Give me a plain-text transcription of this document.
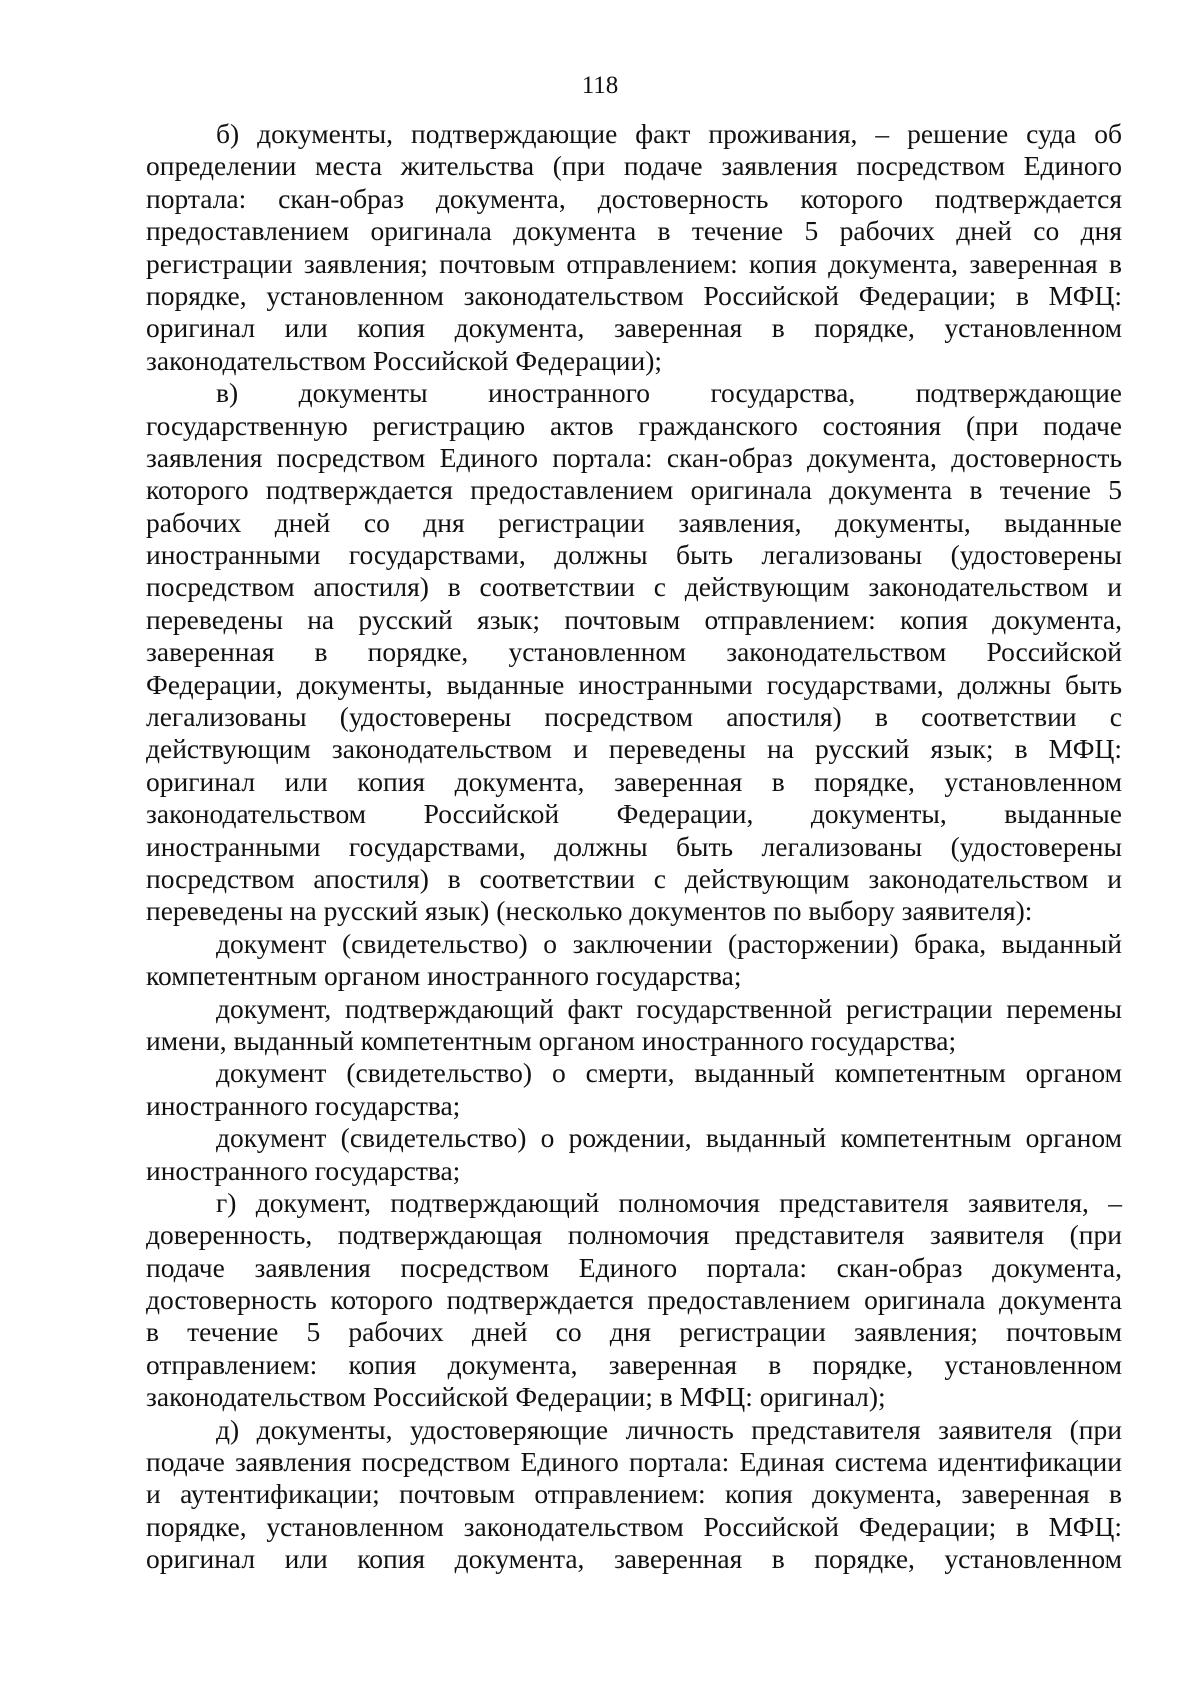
118
б) документы, подтверждающие факт проживания, – решение суда об
определении места жительства (при подаче заявления посредством Единого
портала: скан-образ документа, достоверность которого подтверждается
предоставлением оригинала документа в течение 5 рабочих дней со дня
регистрации заявления; почтовым отправлением: копия документа, заверенная в
порядке, установленном законодательством Российской Федерации; в МФЦ:
оригинал или копия документа, заверенная в порядке, установленном
законодательством Российской Федерации);
в) документы иностранного государства, подтверждающие
государственную регистрацию актов гражданского состояния (при подаче
заявления посредством Единого портала: скан-образ документа, достоверность
которого подтверждается предоставлением оригинала документа в течение 5
рабочих дней со дня регистрации заявления, документы, выданные
иностранными государствами, должны быть легализованы (удостоверены
посредством апостиля) в соответствии с действующим законодательством и
переведены на русский язык; почтовым отправлением: копия документа,
заверенная в порядке, установленном законодательством Российской
Федерации, документы, выданные иностранными государствами, должны быть
легализованы (удостоверены посредством апостиля) в соответствии с
действующим законодательством и переведены на русский язык; в МФЦ:
оригинал или копия документа, заверенная в порядке, установленном
законодательством Российской Федерации, документы, выданные
иностранными государствами, должны быть легализованы (удостоверены
посредством апостиля) в соответствии с действующим законодательством и
переведены на русский язык) (несколько документов по выбору заявителя):
документ (свидетельство) о заключении (расторжении) брака, выданный
компетентным органом иностранного государства;
документ, подтверждающий факт государственной регистрации перемены
имени, выданный компетентным органом иностранного государства;
документ (свидетельство) о смерти, выданный компетентным органом
иностранного государства;
документ (свидетельство) о рождении, выданный компетентным органом
иностранного государства;
г) документ, подтверждающий полномочия представителя заявителя, –
доверенность, подтверждающая полномочия представителя заявителя (при
подаче заявления посредством Единого портала: скан-образ документа,
достоверность которого подтверждается предоставлением оригинала документа
в течение 5 рабочих дней со дня регистрации заявления; почтовым
отправлением: копия документа, заверенная в порядке, установленном
законодательством Российской Федерации; в МФЦ: оригинал);
д) документы, удостоверяющие личность представителя заявителя (при
подаче заявления посредством Единого портала: Единая система идентификации
и аутентификации; почтовым отправлением: копия документа, заверенная в
порядке, установленном законодательством Российской Федерации; в МФЦ:
оригинал или копия документа, заверенная в порядке, установленном
